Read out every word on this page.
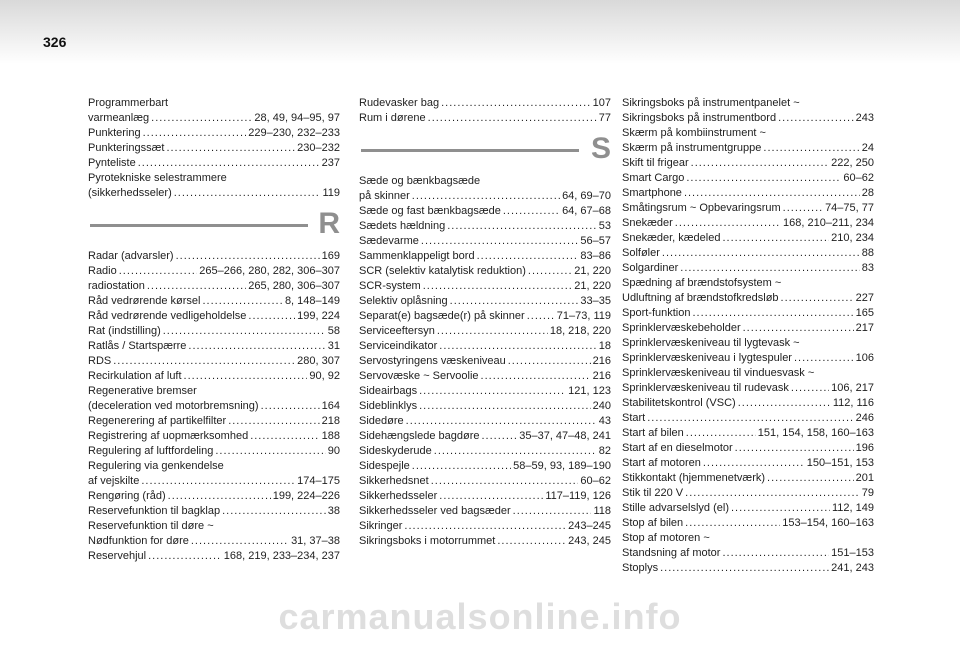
326
Programmerbart
varmeanlæg .....	28, 49, 94–95, 97
Punktering .....	229–230, 232–233
Punkteringssæt .....	230–232
Pynteliste .....	237
Pyrotekniske selestrammere
(sikkerhedsseler) .....	119
R
Radar (advarsler) .....	169
Radio .....	265–266, 280, 282, 306–307
radiostation .....	265, 280, 306–307
Råd vedrørende kørsel .....	8, 148–149
Råd vedrørende vedligeholdelse .....	199, 224
Rat (indstilling) .....	58
Ratlås / Startspærre .....	31
RDS .....	280, 307
Recirkulation af luft .....	90, 92
Regenerative bremser
(deceleration ved motorbremsning) .....	164
Regenerering af partikelfilter .....	218
Registrering af uopmærksomhed .....	188
Regulering af luftfordeling .....	90
Regulering via genkendelse
af vejskilte .....	174–175
Rengøring (råd) .....	199, 224–226
Reservefunktion til bagklap .....	38
Reservefunktion til døre ~
Nødfunktion for døre .....	31, 37–38
Reservehjul .....	168, 219, 233–234, 237
Rudevasker bag .....	107
Rum i dørene .....	77
S
Sæde og bænkbagsæde
på skinner .....	64, 69–70
Sæde og fast bænkbagsæde .....	64, 67–68
Sædets hældning .....	53
Sædevarme .....	56–57
Sammenklappeligt bord .....	83–86
SCR (selektiv katalytisk reduktion) .....	21, 220
SCR-system .....	21, 220
Selektiv oplåsning .....	33–35
Separat(e) bagsæde(r) på skinner .....	71–73, 119
Serviceeftersyn .....	18, 218, 220
Serviceindikator .....	18
Servostyringens væskeniveau .....	216
Servovæske ~ Servoolie .....	216
Sideairbags .....	121, 123
Sideblinklys .....	240
Sidedøre .....	43
Sidehængslede bagdøre .....	35–37, 47–48, 241
Sideskyderude .....	82
Sidespejle .....	58–59, 93, 189–190
Sikkerhedsnet .....	60–62
Sikkerhedsseler .....	117–119, 126
Sikkerhedsseler ved bagsæder .....	118
Sikringer .....	243–245
Sikringsboks i motorrummet .....	243, 245
Sikringsboks på instrumentpanelet ~
Sikringsboks på instrumentbord .....	243
Skærm på kombiinstrument ~
Skærm på instrumentgruppe .....	24
Skift til frigear .....	222, 250
Smart Cargo .....	60–62
Smartphone .....	28
Småtingsrum ~ Opbevaringsrum .....	74–75, 77
Snekæder .....	168, 210–211, 234
Snekæder, kædeled .....	210, 234
Solføler .....	88
Solgardiner .....	83
Spædning af brændstofsystem ~
Udluftning af brændstofkredsløb .....	227
Sport-funktion .....	165
Sprinklervæskebeholder .....	217
Sprinklervæskeniveau til lygtevask ~
Sprinklervæskeniveau i lygtespuler .....	106
Sprinklervæskeniveau til vinduesvask ~
Sprinklervæskeniveau til rudevask .....	106, 217
Stabilitetskontrol (VSC) .....	112, 116
Start .....	246
Start af bilen .....	151, 154, 158, 160–163
Start af en dieselmotor .....	196
Start af motoren .....	150–151, 153
Stikkontakt (hjemmenetværk) .....	201
Stik til 220 V .....	79
Stille advarselslyd (el) .....	112, 149
Stop af bilen .....	153–154, 160–163
Stop af motoren ~
Standsning af motor .....	151–153
Stoplys .....	241, 243
carmanualsonline.info
